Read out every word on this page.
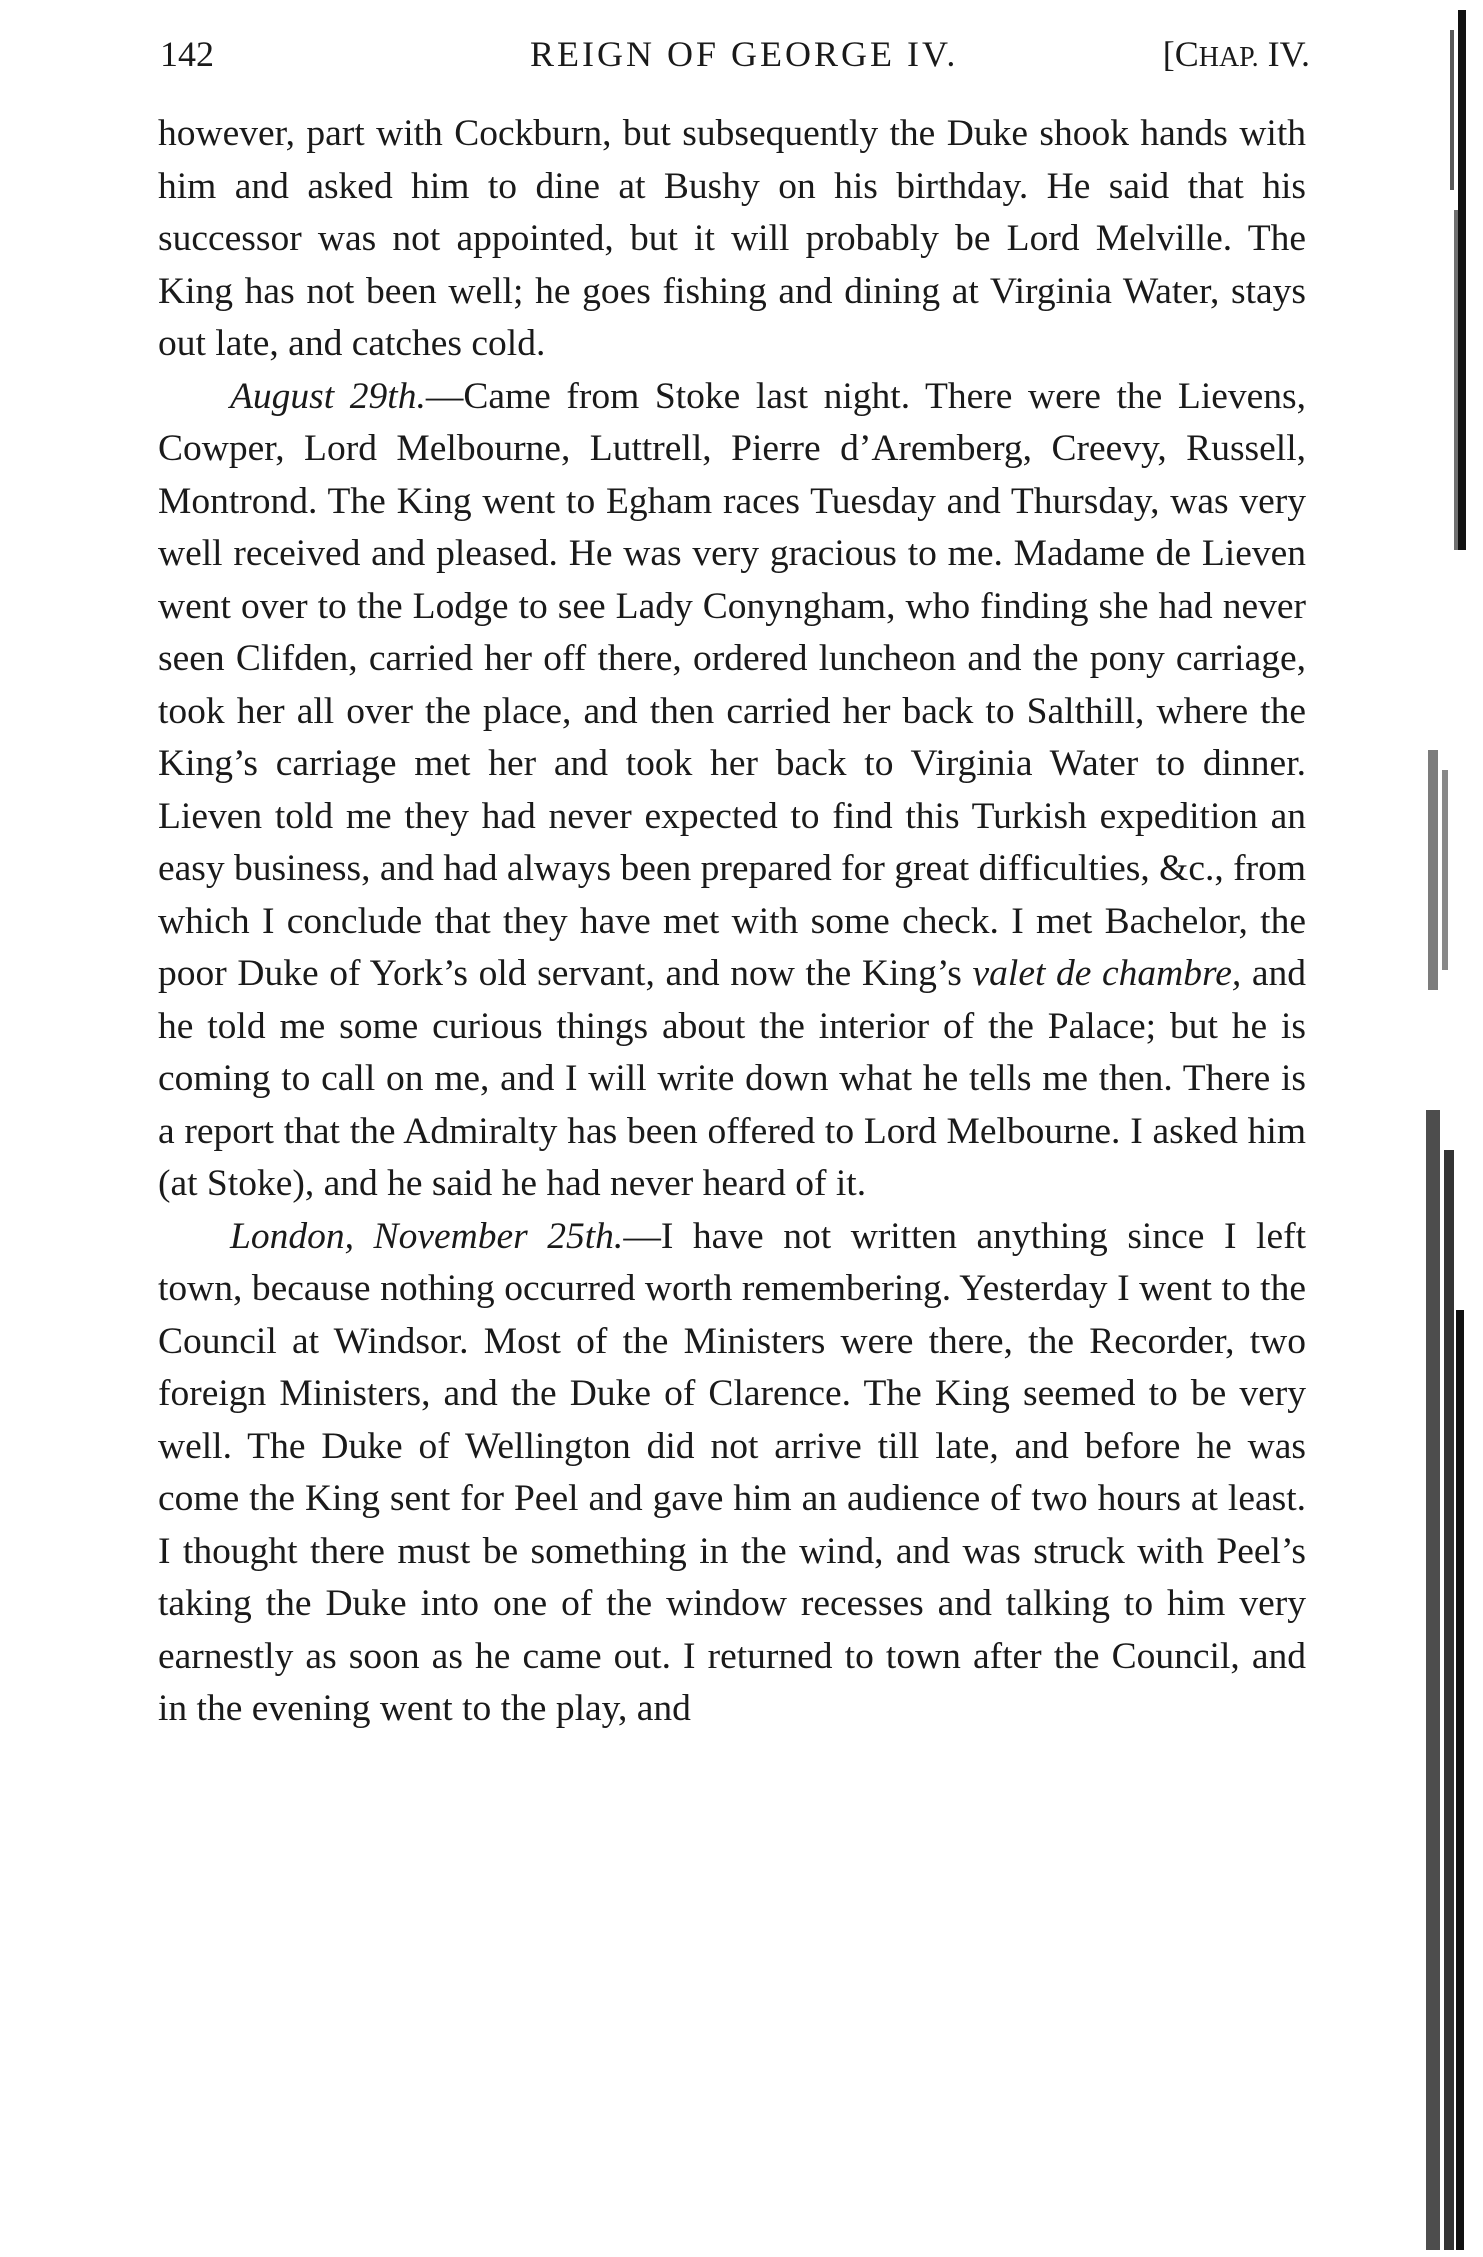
142	REIGN OF GEORGE IV.	[CHAP. IV.

however, part with Cockburn, but subsequently the Duke shook hands with him and asked him to dine at Bushy on his birthday. He said that his successor was not appointed, but it will probably be Lord Melville. The King has not been well; he goes fishing and dining at Virginia Water, stays out late, and catches cold.

August 29th.—Came from Stoke last night. There were the Lievens, Cowper, Lord Melbourne, Luttrell, Pierre d’Aremberg, Creevy, Russell, Montrond. The King went to Egham races Tuesday and Thursday, was very well received and pleased. He was very gracious to me. Madame de Lieven went over to the Lodge to see Lady Conyngham, who finding she had never seen Clifden, carried her off there, ordered luncheon and the pony carriage, took her all over the place, and then carried her back to Salthill, where the King’s carriage met her and took her back to Virginia Water to dinner. Lieven told me they had never expected to find this Turkish expedition an easy business, and had always been prepared for great difficulties, &c., from which I conclude that they have met with some check. I met Bachelor, the poor Duke of York’s old servant, and now the King’s valet de chambre, and he told me some curious things about the interior of the Palace; but he is coming to call on me, and I will write down what he tells me then. There is a report that the Admiralty has been offered to Lord Melbourne. I asked him (at Stoke), and he said he had never heard of it.

London, November 25th.—I have not written anything since I left town, because nothing occurred worth remembering. Yesterday I went to the Council at Windsor. Most of the Ministers were there, the Recorder, two foreign Ministers, and the Duke of Clarence. The King seemed to be very well. The Duke of Wellington did not arrive till late, and before he was come the King sent for Peel and gave him an audience of two hours at least. I thought there must be something in the wind, and was struck with Peel’s taking the Duke into one of the window recesses and talking to him very earnestly as soon as he came out. I returned to town after the Council, and in the evening went to the play, and
